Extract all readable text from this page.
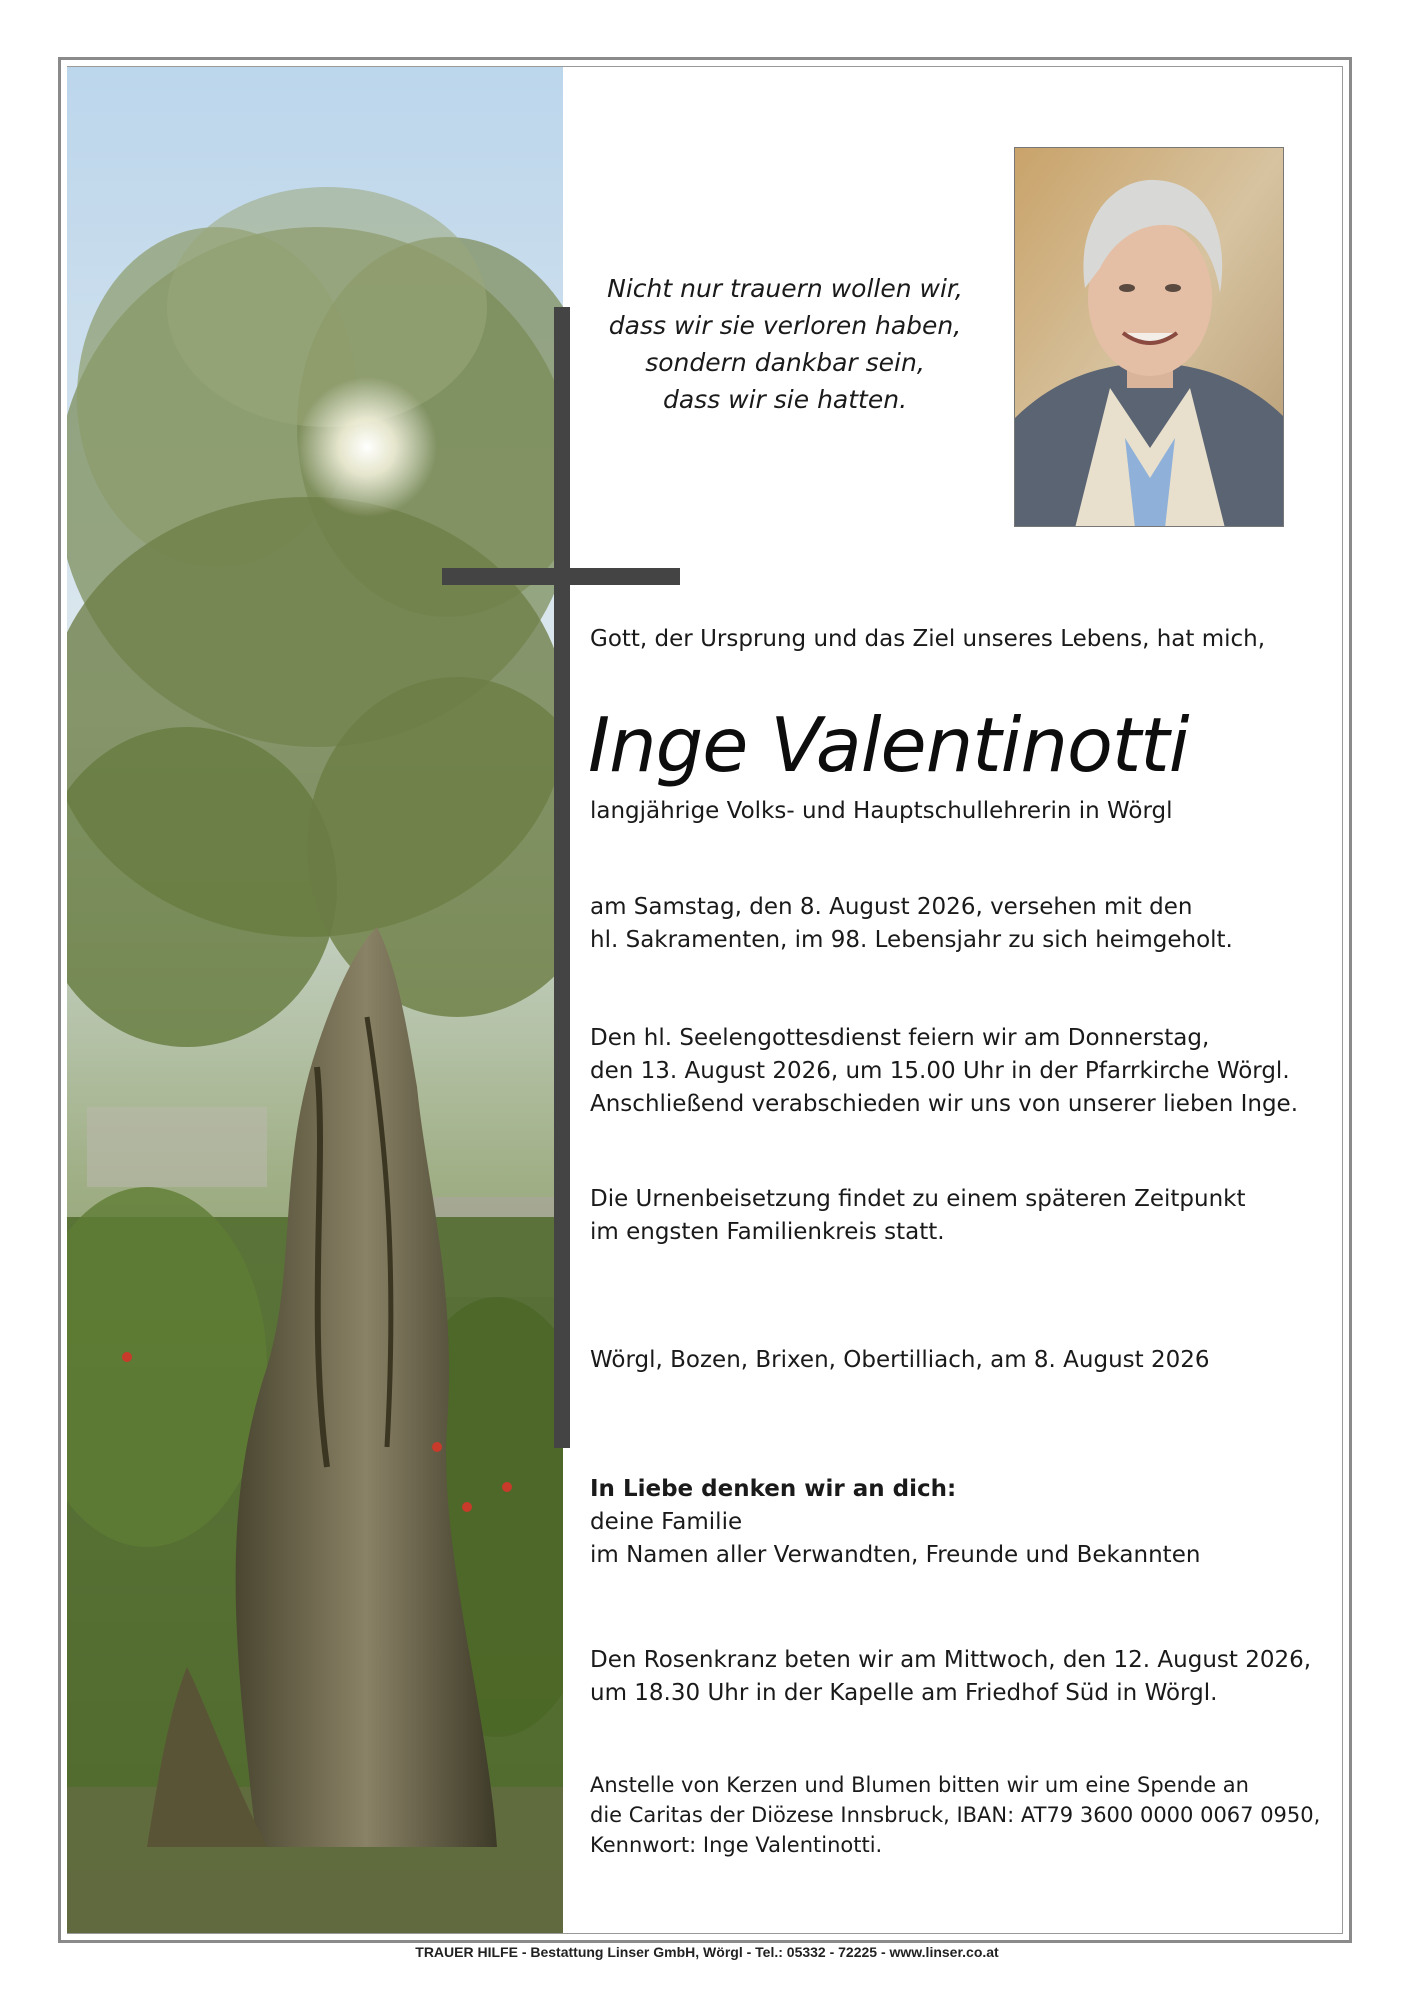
Nicht nur trauern wollen wir,
dass wir sie verloren haben,
sondern dankbar sein,
dass wir sie hatten.
Gott, der Ursprung und das Ziel unseres Lebens, hat mich,
Inge Valentinotti
langjährige Volks- und Hauptschullehrerin in Wörgl
am Samstag, den 8. August 2026, versehen mit den
hl. Sakramenten, im 98. Lebensjahr zu sich heimgeholt.
Den hl. Seelengottesdienst feiern wir am Donnerstag,
den 13. August 2026, um 15.00 Uhr in der Pfarrkirche Wörgl.
Anschließend verabschieden wir uns von unserer lieben Inge.
Die Urnenbeisetzung findet zu einem späteren Zeitpunkt
im engsten Familienkreis statt.
Wörgl, Bozen, Brixen, Obertilliach, am 8. August 2026
In Liebe denken wir an dich:
deine Familie
im Namen aller Verwandten, Freunde und Bekannten
Den Rosenkranz beten wir am Mittwoch, den 12. August 2026,
um 18.30 Uhr in der Kapelle am Friedhof Süd in Wörgl.
Anstelle von Kerzen und Blumen bitten wir um eine Spende an
die Caritas der Diözese Innsbruck, IBAN: AT79 3600 0000 0067 0950,
Kennwort: Inge Valentinotti.
TRAUER HILFE - Bestattung Linser GmbH, Wörgl - Tel.: 05332 - 72225 - www.linser.co.at
